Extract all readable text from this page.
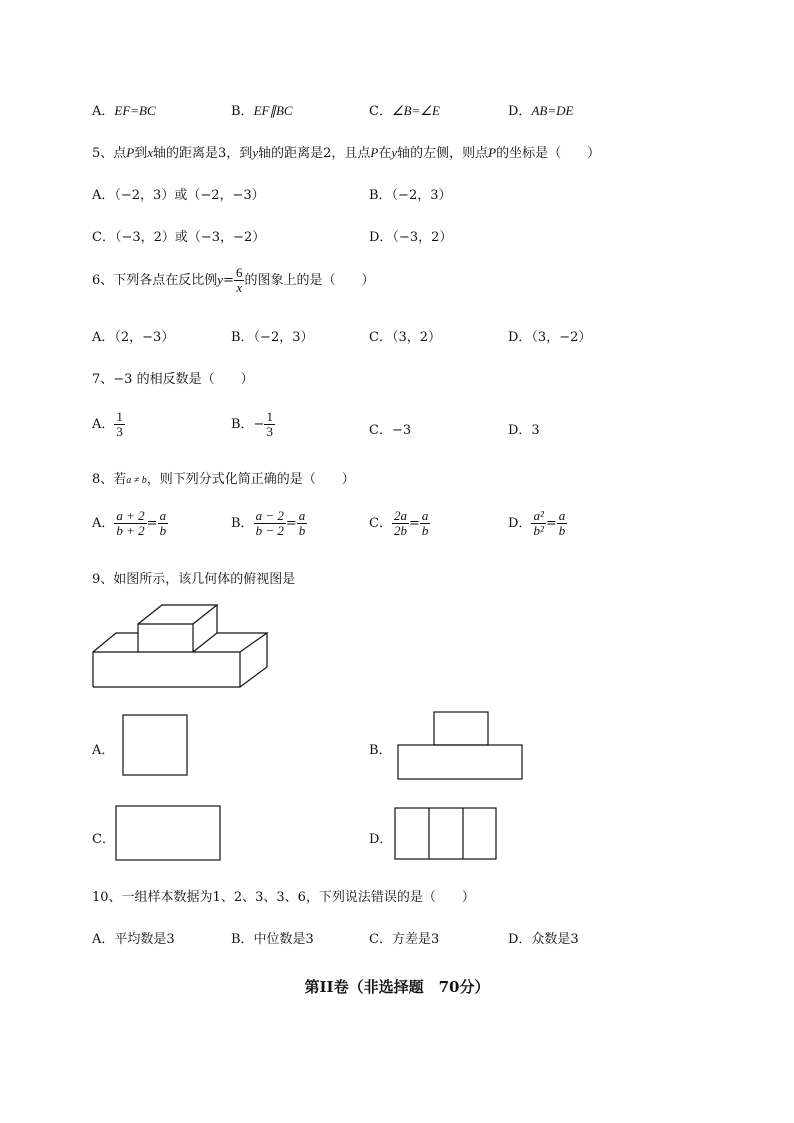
A．EF=BC	B．EF∥BC	C．∠B=∠E	D．AB=DE
5、点P到x轴的距离是3，到y轴的距离是2，且点P在y轴的左侧，则点P的坐标是（　　）
A．（−2，3）或（−2，−3）	B．（−2，3）
C．（−3，2）或（−3，−2）	D．（−3，2）
6、下列各点在反比例$y= \frac{6}{x}$ 的图象上的是（　　）
A．（2，−3）	B．（−2，3）	C．（3，2）	D．（3，−2）
7、−3 的相反数是（　　）
A． $\frac{1}{3}$	B．− $\frac{1}{3}$	C．−3	D．3
8、若a ≠ b，则下列分式化简正确的是（　　）
A． $\frac{a + 2}{b + 2} = \frac{a}{b}$	B． $\frac{a - 2}{b - 2} = \frac{a}{b}$	C． $\frac{2a}{2b} = \frac{a}{b}$	D． $\frac{\text{a²}}{\text{b²}} = \frac{a}{b}$
9、如图所示，该几何体的俯视图是
A．	B．
C．	D．
10、一组样本数据为1、2、3、3、6，下列说法错误的是（　　）
A．平均数是3	B．中位数是3	C．方差是3	D．众数是3
第II卷（非选择题　70分）
